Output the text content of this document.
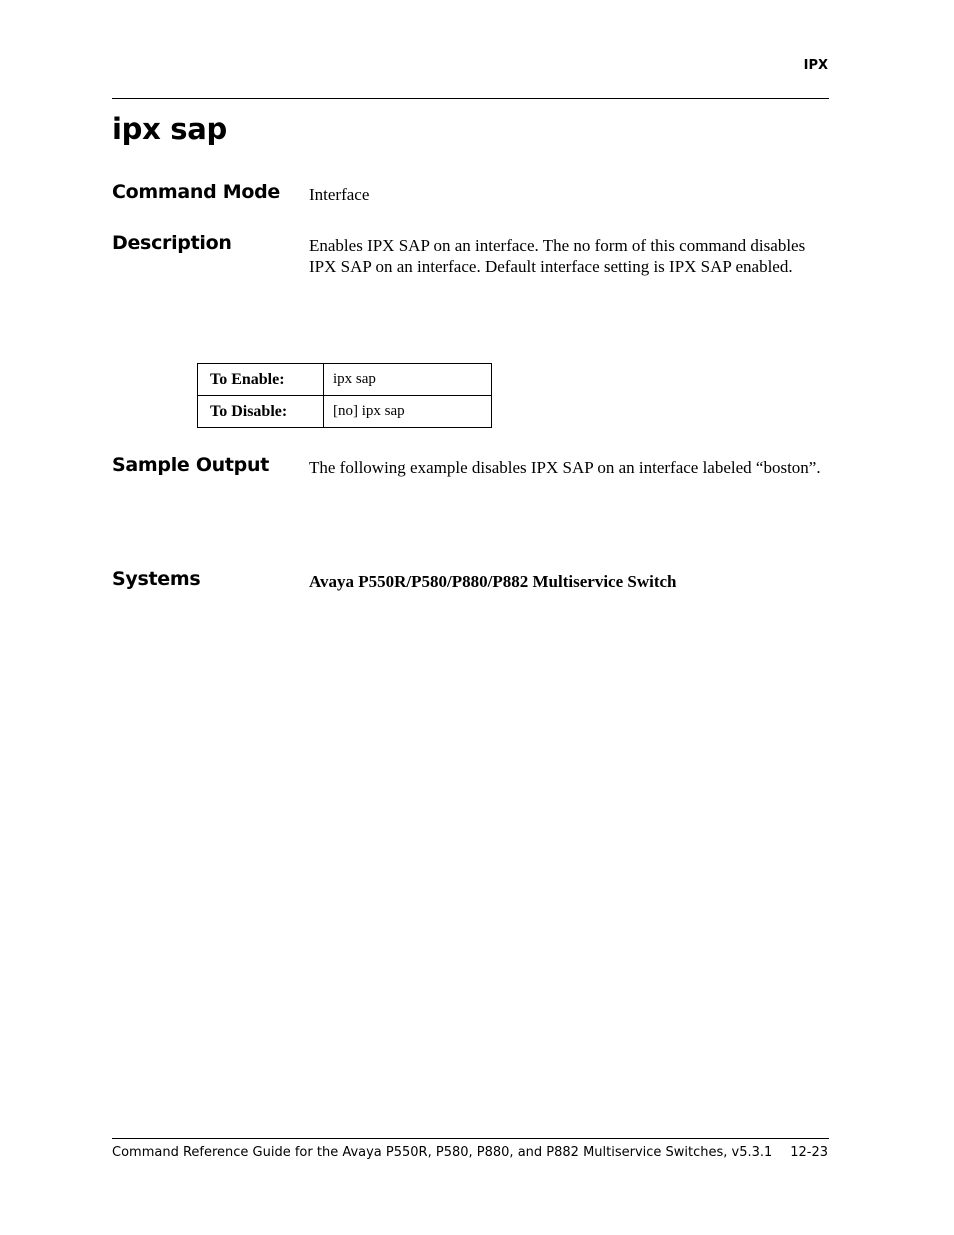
IPX
ipx sap
Command Mode Interface

Description	Enables IPX SAP on an interface. The no form of this command disables IPX SAP on an interface. Default interface setting is IPX SAP enabled.

To Enable:	ipx sap
To Disable:	[no] ipx sap
Sample Output The following example disables IPX SAP on an interface labeled “boston”.

Systems	Avaya P550R/P580/P880/P882 Multiservice Switch

Command Reference Guide for the Avaya P550R, P580, P880, and P882 Multiservice Switches, v5.3.1 12-23
